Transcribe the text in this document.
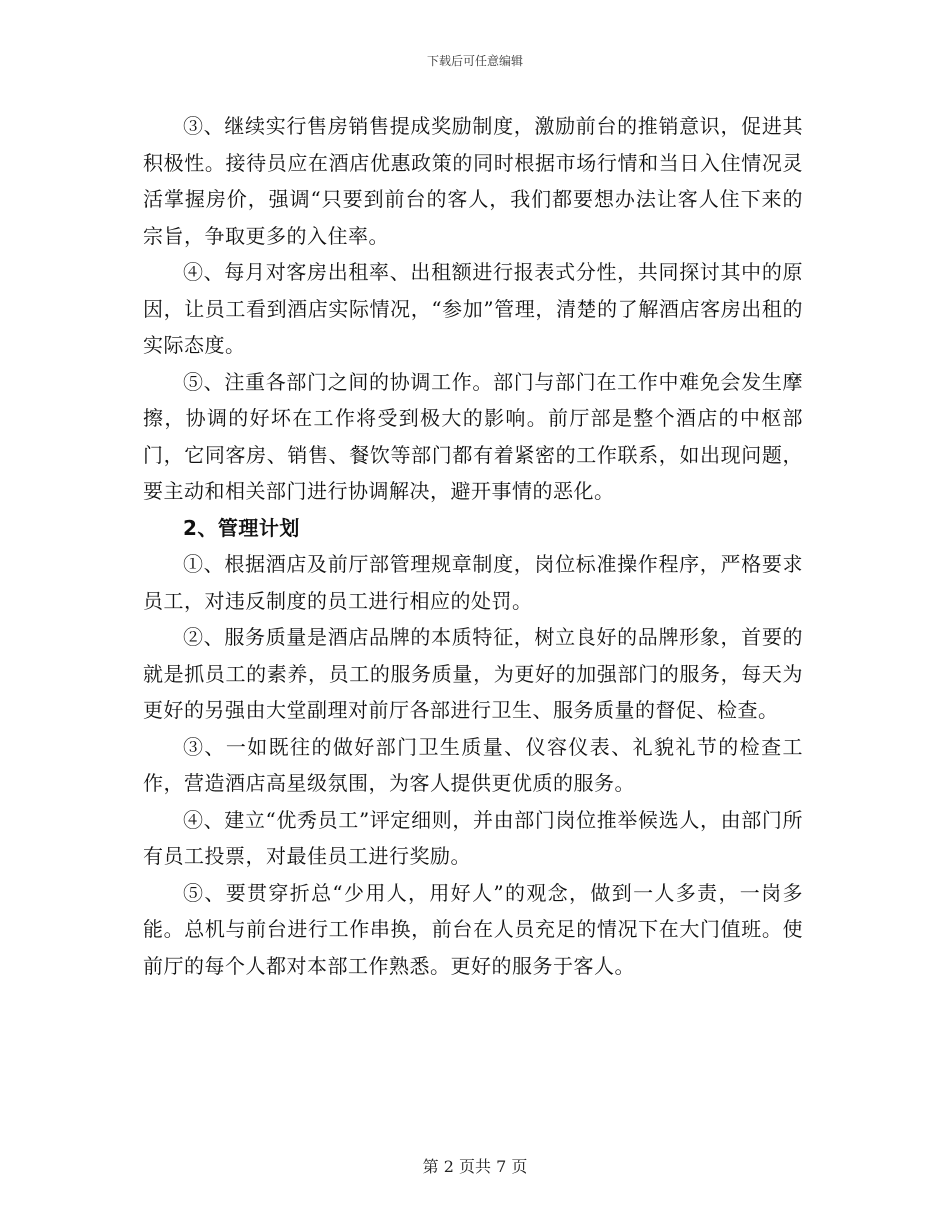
下载后可任意编辑

③、继续实行售房销售提成奖励制度，激励前台的推销意识，促进其积极性。接待员应在酒店优惠政策的同时根据市场行情和当日入住情况灵活掌握房价，强调“只要到前台的客人，我们都要想办法让客人住下来的宗旨，争取更多的入住率。

④、每月对客房出租率、出租额进行报表式分性，共同探讨其中的原因，让员工看到酒店实际情况，“参加”管理，清楚的了解酒店客房出租的实际态度。

⑤、注重各部门之间的协调工作。部门与部门在工作中难免会发生摩擦，协调的好坏在工作将受到极大的影响。前厅部是整个酒店的中枢部门，它同客房、销售、餐饮等部门都有着紧密的工作联系，如出现问题，要主动和相关部门进行协调解决，避开事情的恶化。

2、管理计划

①、根据酒店及前厅部管理规章制度，岗位标准操作程序，严格要求员工，对违反制度的员工进行相应的处罚。

②、服务质量是酒店品牌的本质特征，树立良好的品牌形象，首要的就是抓员工的素养，员工的服务质量，为更好的加强部门的服务，每天为更好的另强由大堂副理对前厅各部进行卫生、服务质量的督促、检查。

③、一如既往的做好部门卫生质量、仪容仪表、礼貌礼节的检查工作，营造酒店高星级氛围，为客人提供更优质的服务。

④、建立“优秀员工”评定细则，并由部门岗位推举候选人，由部门所有员工投票，对最佳员工进行奖励。

⑤、要贯穿折总“少用人，用好人”的观念，做到一人多责，一岗多能。总机与前台进行工作串换，前台在人员充足的情况下在大门值班。使前厅的每个人都对本部工作熟悉。更好的服务于客人。

第 2 页共 7 页
